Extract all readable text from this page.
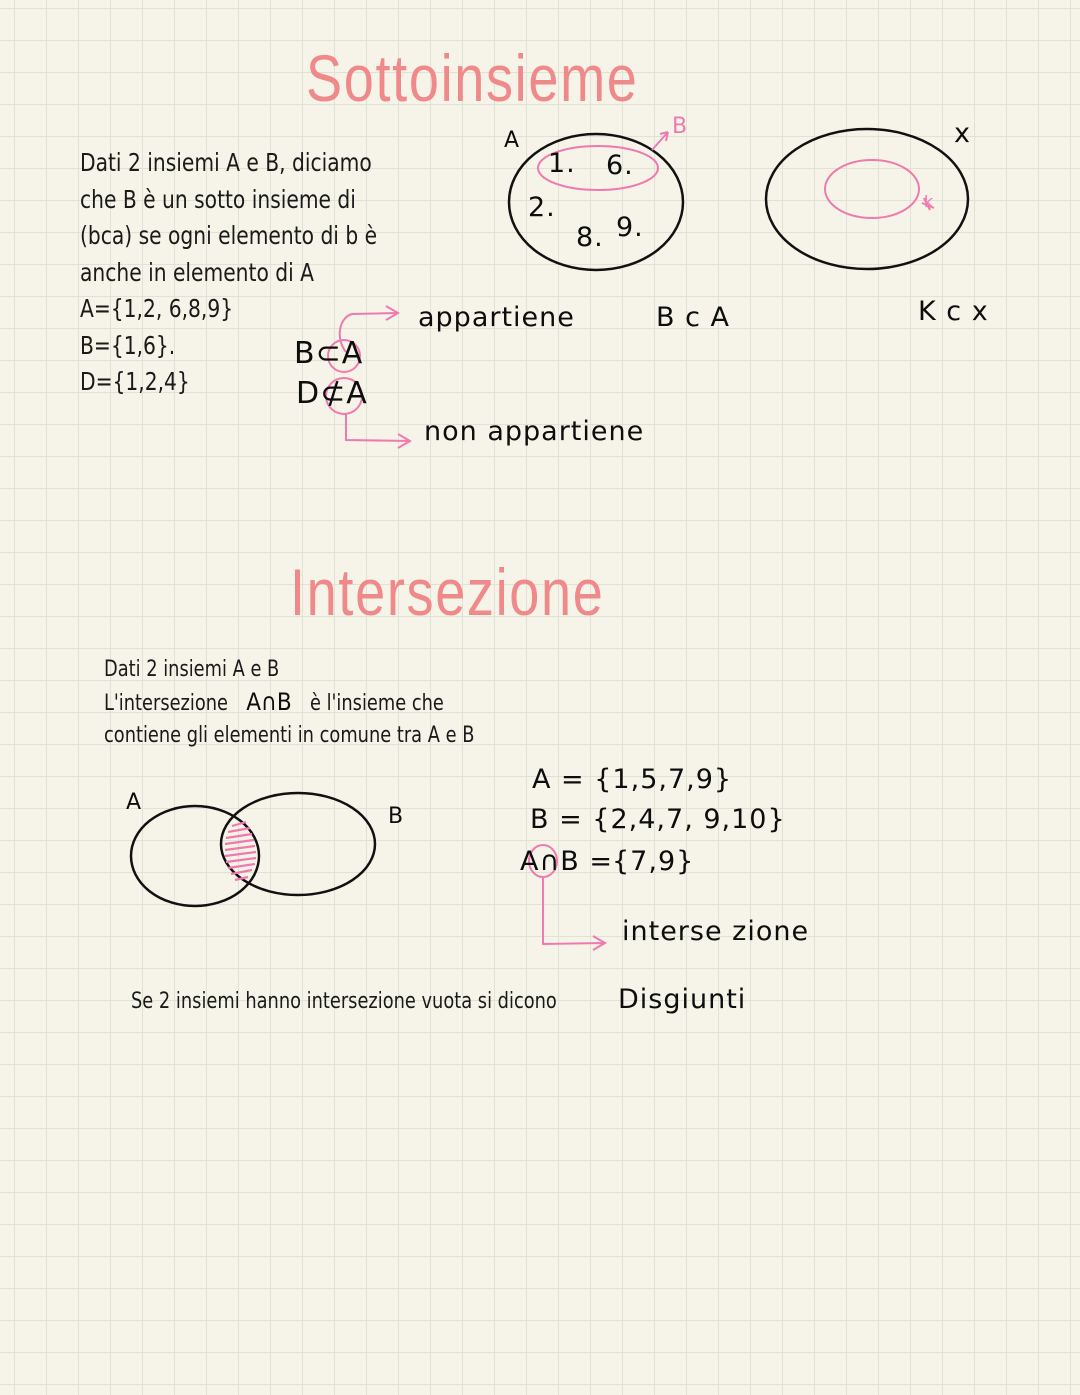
Sottoinsieme
Dati 2 insiemi A e B, diciamo
che B è un sotto insieme di
(bca) se ogni elemento di b è
anche in elemento di A
A={1,2, 6,8,9}
B={1,6}.
D={1,2,4}
B⊂A
D⊄A
appartiene
non appartiene
A
B
1. 6.
2.
8. 9.
B c A
x
k
K c x
Intersezione
Dati 2 insiemi A e B
L'intersezione A∩B è l'insieme che
contiene gli elementi in comune tra A e B
A
B
A = {1,5,7,9}
B = {2,4,7, 9,10}
A∩B = {7,9}
interse zione
Se 2 insiemi hanno intersezione vuota si dicono Disgiunti
